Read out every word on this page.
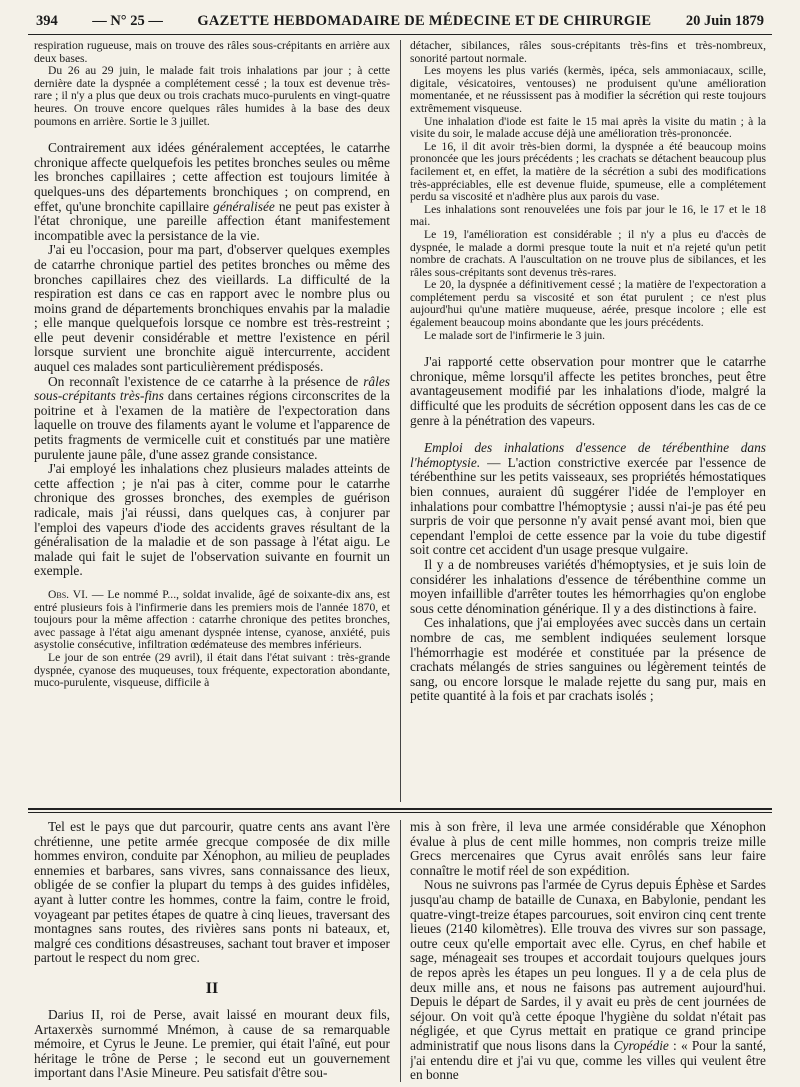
394 — N° 25 — GAZETTE HEBDOMADAIRE DE MÉDECINE ET DE CHIRURGIE 20 Juin 1879

respiration rugueuse, mais on trouve des râles sous-crépitants en arrière aux deux bases.

Du 26 au 29 juin, le malade fait trois inhalations par jour ; à cette dernière date la dyspnée a complétement cessé ; la toux est devenue très-rare ; il n'y a plus que deux ou trois crachats muco-purulents en vingt-quatre heures. On trouve encore quelques râles humides à la base des deux poumons en arrière. Sortie le 3 juillet.

Contrairement aux idées généralement acceptées, le catarrhe chronique affecte quelquefois les petites bronches seules ou même les bronches capillaires ; cette affection est toujours limitée à quelques-uns des départements bronchiques ; on comprend, en effet, qu'une bronchite capillaire généralisée ne peut pas exister à l'état chronique, une pareille affection étant manifestement incompatible avec la persistance de la vie.

J'ai eu l'occasion, pour ma part, d'observer quelques exemples de catarrhe chronique partiel des petites bronches ou même des bronches capillaires chez des vieillards. La difficulté de la respiration est dans ce cas en rapport avec le nombre plus ou moins grand de départements bronchiques envahis par la maladie ; elle manque quelquefois lorsque ce nombre est très-restreint ; elle peut devenir considérable et mettre l'existence en péril lorsque survient une bronchite aiguë intercurrente, accident auquel ces malades sont particulièrement prédisposés.

On reconnaît l'existence de ce catarrhe à la présence de râles sous-crépitants très-fins dans certaines régions circonscrites de la poitrine et à l'examen de la matière de l'expectoration dans laquelle on trouve des filaments ayant le volume et l'apparence de petits fragments de vermicelle cuit et constitués par une matière purulente jaune pâle, d'une assez grande consistance.

J'ai employé les inhalations chez plusieurs malades atteints de cette affection ; je n'ai pas à citer, comme pour le catarrhe chronique des grosses bronches, des exemples de guérison radicale, mais j'ai réussi, dans quelques cas, à conjurer par l'emploi des vapeurs d'iode des accidents graves résultant de la généralisation de la maladie et de son passage à l'état aigu. Le malade qui fait le sujet de l'observation suivante en fournit un exemple.

Obs. VI. — Le nommé P..., soldat invalide, âgé de soixante-dix ans, est entré plusieurs fois à l'infirmerie dans les premiers mois de l'année 1870, et toujours pour la même affection : catarrhe chronique des petites bronches, avec passage à l'état aigu amenant dyspnée intense, cyanose, anxiété, puis asystolie consécutive, infiltration œdémateuse des membres inférieurs.

Le jour de son entrée (29 avril), il était dans l'état suivant : très-grande dyspnée, cyanose des muqueuses, toux fréquente, expectoration abondante, muco-purulente, visqueuse, difficile à

détacher, sibilances, râles sous-crépitants très-fins et très-nombreux, sonorité partout normale.

Les moyens les plus variés (kermès, ipéca, sels ammoniacaux, scille, digitale, vésicatoires, ventouses) ne produisent qu'une amélioration momentanée, et ne réussissent pas à modifier la sécrétion qui reste toujours extrêmement visqueuse.

Une inhalation d'iode est faite le 15 mai après la visite du matin ; à la visite du soir, le malade accuse déjà une amélioration très-prononcée.

Le 16, il dit avoir très-bien dormi, la dyspnée a été beaucoup moins prononcée que les jours précédents ; les crachats se détachent beaucoup plus facilement et, en effet, la matière de la sécrétion a subi des modifications très-appréciables, elle est devenue fluide, spumeuse, elle a complétement perdu sa viscosité et n'adhère plus aux parois du vase.

Les inhalations sont renouvelées une fois par jour le 16, le 17 et le 18 mai.

Le 19, l'amélioration est considérable ; il n'y a plus eu d'accès de dyspnée, le malade a dormi presque toute la nuit et n'a rejeté qu'un petit nombre de crachats. A l'auscultation on ne trouve plus de sibilances, et les râles sous-crépitants sont devenus très-rares.

Le 20, la dyspnée a définitivement cessé ; la matière de l'expectoration a complétement perdu sa viscosité et son état purulent ; ce n'est plus aujourd'hui qu'une matière muqueuse, aérée, presque incolore ; elle est également beaucoup moins abondante que les jours précédents.

Le malade sort de l'infirmerie le 3 juin.

J'ai rapporté cette observation pour montrer que le catarrhe chronique, même lorsqu'il affecte les petites bronches, peut être avantageusement modifié par les inhalations d'iode, malgré la difficulté que les produits de sécrétion opposent dans les cas de ce genre à la pénétration des vapeurs.

Emploi des inhalations d'essence de térébenthine dans l'hémoptysie. — L'action constrictive exercée par l'essence de térébenthine sur les petits vaisseaux, ses propriétés hémostatiques bien connues, auraient dû suggérer l'idée de l'employer en inhalations pour combattre l'hémoptysie ; aussi n'ai-je pas été peu surpris de voir que personne n'y avait pensé avant moi, bien que cependant l'emploi de cette essence par la voie du tube digestif soit contre cet accident d'un usage presque vulgaire.

Il y a de nombreuses variétés d'hémoptysies, et je suis loin de considérer les inhalations d'essence de térébenthine comme un moyen infaillible d'arrêter toutes les hémorrhagies qu'on englobe sous cette dénomination générique. Il y a des distinctions à faire.

Ces inhalations, que j'ai employées avec succès dans un certain nombre de cas, me semblent indiquées seulement lorsque l'hémorrhagie est modérée et constituée par la présence de crachats mélangés de stries sanguines ou légèrement teintés de sang, ou encore lorsque le malade rejette du sang pur, mais en petite quantité à la fois et par crachats isolés ;

Tel est le pays que dut parcourir, quatre cents ans avant l'ère chrétienne, une petite armée grecque composée de dix mille hommes environ, conduite par Xénophon, au milieu de peuplades ennemies et barbares, sans vivres, sans connaissance des lieux, obligée de se confier la plupart du temps à des guides infidèles, ayant à lutter contre les hommes, contre la faim, contre le froid, voyageant par petites étapes de quatre à cinq lieues, traversant des montagnes sans routes, des rivières sans ponts ni bateaux, et, malgré ces conditions désastreuses, sachant tout braver et imposer partout le respect du nom grec.

II

Darius II, roi de Perse, avait laissé en mourant deux fils, Artaxerxès surnommé Mnémon, à cause de sa remarquable mémoire, et Cyrus le Jeune. Le premier, qui était l'aîné, eut pour héritage le trône de Perse ; le second eut un gouvernement important dans l'Asie Mineure. Peu satisfait d'être sou-

mis à son frère, il leva une armée considérable que Xénophon évalue à plus de cent mille hommes, non compris treize mille Grecs mercenaires que Cyrus avait enrôlés sans leur faire connaître le motif réel de son expédition.

Nous ne suivrons pas l'armée de Cyrus depuis Éphèse et Sardes jusqu'au champ de bataille de Cunaxa, en Babylonie, pendant les quatre-vingt-treize étapes parcourues, soit environ cinq cent trente lieues (2140 kilomètres). Elle trouva des vivres sur son passage, outre ceux qu'elle emportait avec elle. Cyrus, en chef habile et sage, ménageait ses troupes et accordait toujours quelques jours de repos après les étapes un peu longues. Il y a de cela plus de deux mille ans, et nous ne faisons pas autrement aujourd'hui. Depuis le départ de Sardes, il y avait eu près de cent journées de séjour. On voit qu'à cette époque l'hygiène du soldat n'était pas négligée, et que Cyrus mettait en pratique ce grand principe administratif que nous lisons dans la Cyropédie : « Pour la santé, j'ai entendu dire et j'ai vu que, comme les villes qui veulent être en bonne
